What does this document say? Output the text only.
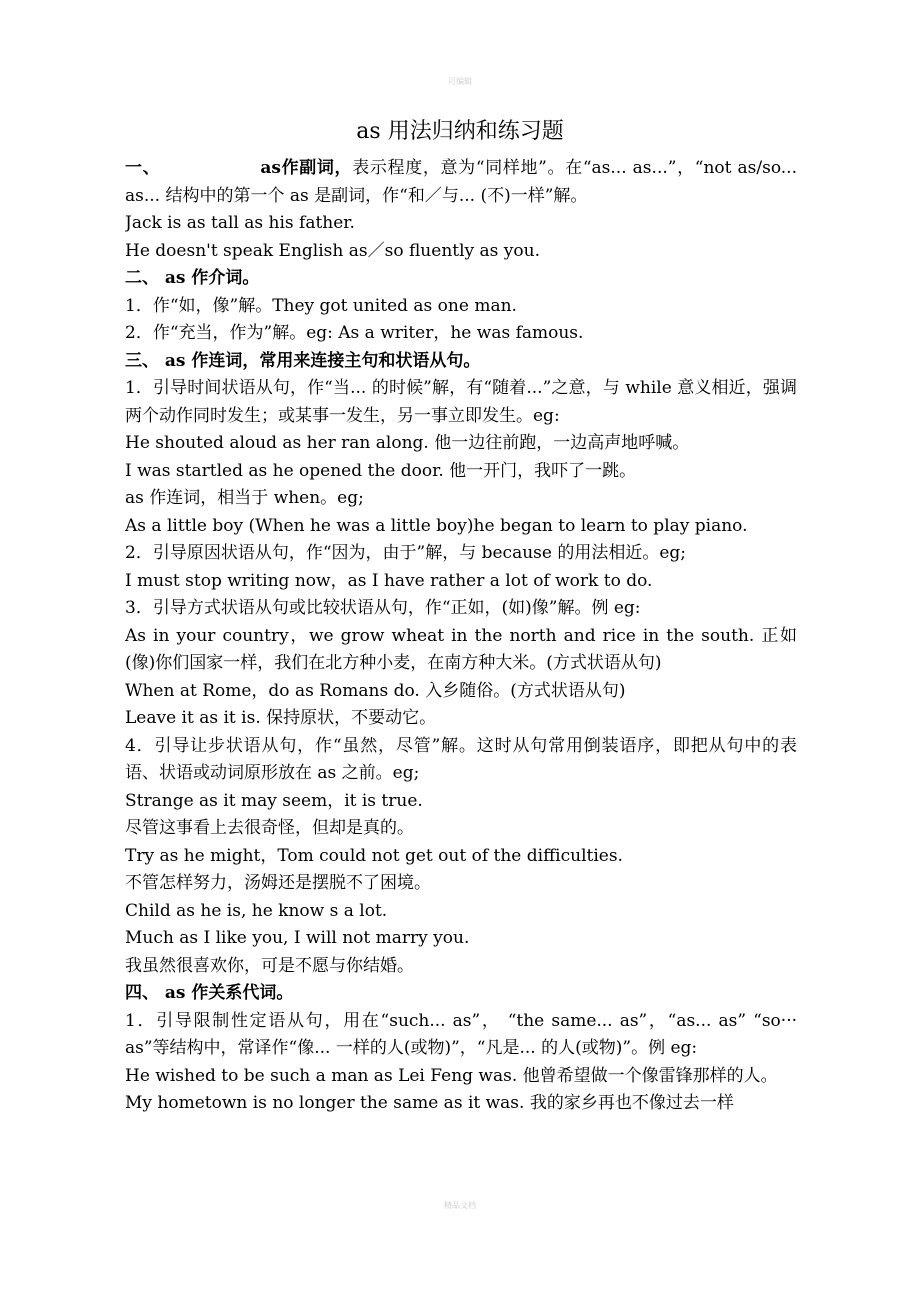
可编辑
as 用法归纳和练习题

一、	as作副词，表示程度，意为“同样地”。在“as... as...”，“not as/so... as... 结构中的第一个 as 是副词，作“和／与... (不)一样”解。

Jack is as tall as his father.

He doesn't speak English as／so fluently as you.

二、 as 作介词。

1．作“如，像”解。They got united as one man.

2．作“充当，作为”解。eg: As a writer，he was famous.

三、 as 作连词，常用来连接主句和状语从句。

1．引导时间状语从句，作“当... 的时候”解，有“随着...”之意，与 while 意义相近，强调两个动作同时发生；或某事一发生，另一事立即发生。eg:

He shouted aloud as her ran along. 他一边往前跑，一边高声地呼喊。

I was startled as he opened the door. 他一开门，我吓了一跳。

as 作连词，相当于 when。eg;

As a little boy (When he was a little boy)he began to learn to play piano.

2．引导原因状语从句，作“因为，由于”解，与 because 的用法相近。eg;

I must stop writing now，as I have rather a lot of work to do.

3．引导方式状语从句或比较状语从句，作“正如，(如)像”解。例 eg:

As in your country，we grow wheat in the north and rice in the south. 正如(像)你们国家一样，我们在北方种小麦，在南方种大米。(方式状语从句)

When at Rome，do as Romans do. 入乡随俗。(方式状语从句)

Leave it as it is. 保持原状，不要动它。

4．引导让步状语从句，作“虽然，尽管”解。这时从句常用倒装语序，即把从句中的表语、状语或动词原形放在 as 之前。eg;

Strange as it may seem，it is true.

尽管这事看上去很奇怪，但却是真的。

Try as he might，Tom could not get out of the difficulties.

不管怎样努力，汤姆还是摆脱不了困境。

Child as he is, he know s a lot.

Much as I like you, I will not marry you.

我虽然很喜欢你，可是不愿与你结婚。

四、 as 作关系代词。

1．引导限制性定语从句，用在“such... as”， “the same... as”，“as... as” “so··· as”等结构中，常译作“像... 一样的人(或物)”，“凡是... 的人(或物)”。例 eg:

He wished to be such a man as Lei Feng was. 他曾希望做一个像雷锋那样的人。

My hometown is no longer the same as it was. 我的家乡再也不像过去一样

精品文档
